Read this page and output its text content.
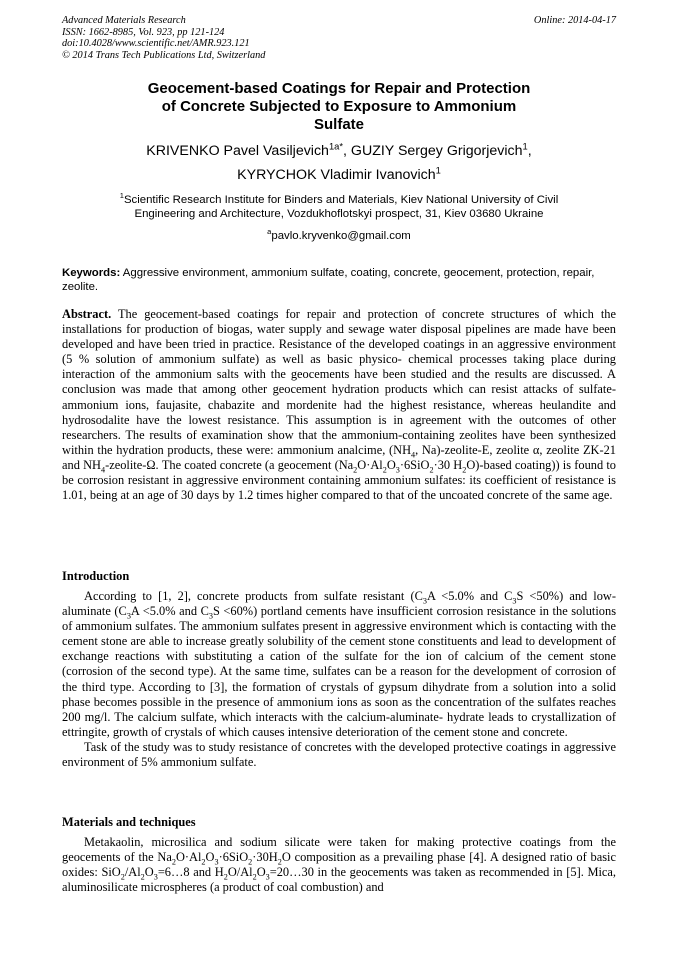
Advanced Materials Research
ISSN: 1662-8985, Vol. 923, pp 121-124
doi:10.4028/www.scientific.net/AMR.923.121
© 2014 Trans Tech Publications Ltd, Switzerland
Online: 2014-04-17
Geocement-based Coatings for Repair and Protection
of Concrete Subjected to Exposure to Ammonium
Sulfate
KRIVENKO Pavel Vasiljevich$^{1a*}$, GUZIY Sergey Grigorjevich$^1$,
KYRYCHOK Vladimir Ivanovich$^1$
$^1$Scientific Research Institute for Binders and Materials, Kiev National University of Civil
Engineering and Architecture, Vozdukhoflotskyi prospect, 31, Kiev 03680 Ukraine
$^a$pavlo.kryvenko@gmail.com
Keywords: Aggressive environment, ammonium sulfate, coating, concrete, geocement, protection, repair, zeolite.

Abstract. The geocement-based coatings for repair and protection of concrete structures of which the installations for production of biogas, water supply and sewage water disposal pipelines are made have been developed and have been tried in practice. Resistance of the developed coatings in an aggressive environment (5 % solution of ammonium sulfate) as well as basic physico- chemical processes taking place during interaction of the ammonium salts with the geocements have been studied and the results are discussed. A conclusion was made that among other geocement hydration products which can resist attacks of sulfate-ammonium ions, faujasite, chabazite and mordenite had the highest resistance, whereas heulandite and hydrosodalite have the lowest resistance. This assumption is in agreement with the outcomes of other researchers. The results of examination show that the ammonium-containing zeolites have been synthesized within the hydration products, these were: ammonium analcime, ($NH_4$, Na)-zeolite-E, zeolite α, zeolite ZK-21 and $NH_4-zeolite-\Omega$. The coated concrete (a geocement ($Na_2O\cdot Al_2O_3\cdot 6SiO_2\cdot 30$ $H_2O$)-based coating)) is found to be corrosion resistant in aggressive environment containing ammonium sulfates: its coefficient of resistance is 1.01, being at an age of 30 days by 1.2 times higher compared to that of the uncoated concrete of the same age.

Introduction

According to [1, 2], concrete products from sulfate resistant ($C_3A <5.0\%$ and $C_3S <50\%$) and low-aluminate ($C_3A <5.0\%$ and $C_3S <60\%$) portland cements have insufficient corrosion resistance in the solutions of ammonium sulfates. The ammonium sulfates present in aggressive environment which is contacting with the cement stone are able to increase greatly solubility of the cement stone constituents and lead to development of exchange reactions with substituting a cation of the sulfate for the ion of calcium of the cement stone (corrosion of the second type). At the same time, sulfates can be a reason for the development of corrosion of the third type. According to [3], the formation of crystals of gypsum dihydrate from a solution into a solid phase becomes possible in the presence of ammonium ions as soon as the concentration of the sulfates reaches 200 mg/l. The calcium sulfate, which interacts with the calcium-aluminate- hydrate leads to crystallization of ettringite, growth of crystals of which causes intensive deterioration of the cement stone and concrete.

Task of the study was to study resistance of concretes with the developed protective coatings in aggressive environment of 5% ammonium sulfate.

Materials and techniques

Metakaolin, microsilica and sodium silicate were taken for making protective coatings from the geocements of the $Na_2O\cdot Al_2O_3\cdot 6SiO_2\cdot 30H_2O$ composition as a prevailing phase [4]. A designed ratio of basic oxides: $SiO_2/Al_2O_3=6\dots 8$ and $H_2O/Al_2O_3=20\dots 30$ in the geocements was taken as recommended in [5]. Mica, aluminosilicate microspheres (a product of coal combustion) and
